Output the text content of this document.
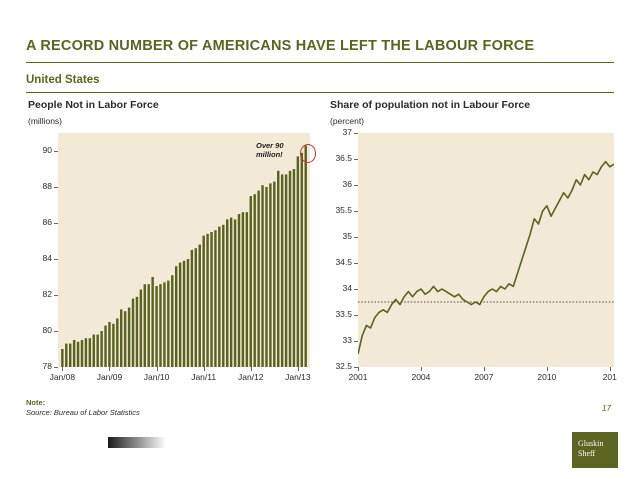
A RECORD NUMBER OF AMERICANS HAVE LEFT THE LABOUR FORCE
United States
People Not in Labor Force
(millions)
78
80
82
84
86
88
90
Jan/08	Jan/09	Jan/10	Jan/11	Jan/12	Jan/13
Over 90
million!
Share of population not in Labour Force
(percent)
32.5
33
33.5
34
34.5
35
35.5
36
36.5
37
2001	2004	2007	2010	201
Note:
Source: Bureau of Labor Statistics	17
Gluskin
Sheff
